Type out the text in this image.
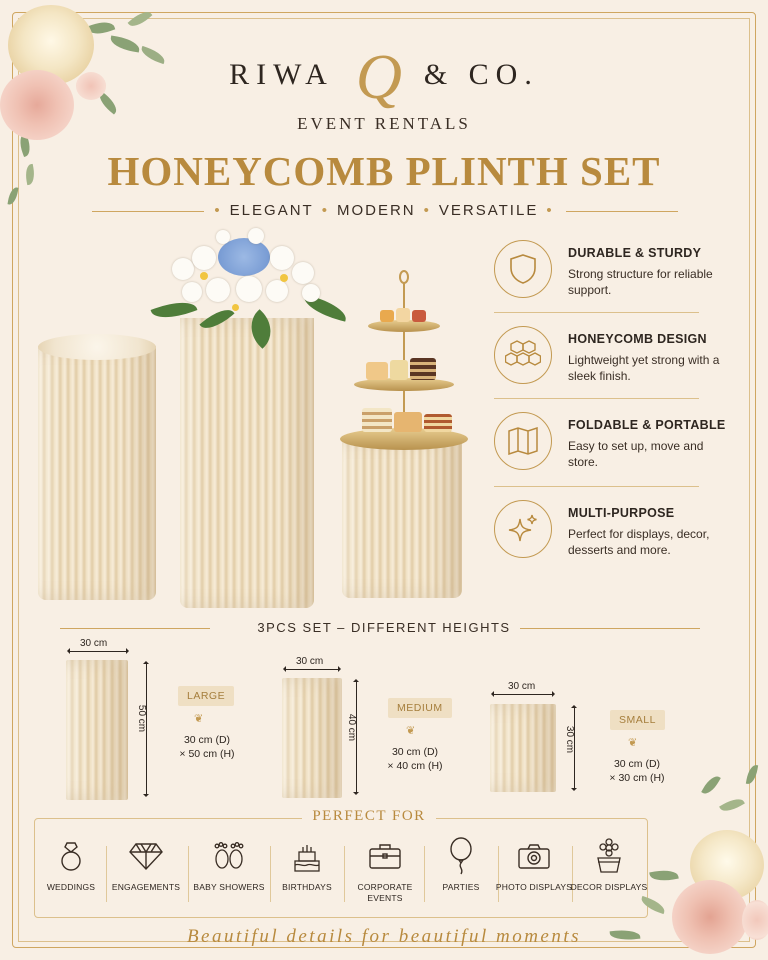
RIWA Q & CO.
EVENT RENTALS
HONEYCOMB PLINTH SET
• ELEGANT • MODERN • VERSATILE •
DURABLE & STURDY
Strong structure for reliable support.
HONEYCOMB DESIGN
Lightweight yet strong with a sleek finish.
FOLDABLE & PORTABLE
Easy to set up, move and store.
MULTI-PURPOSE
Perfect for displays, decor, desserts and more.
3PCS SET – DIFFERENT HEIGHTS
30 cm
50 cm
LARGE
❦
30 cm (D)
× 50 cm (H)
30 cm
40 cm
MEDIUM
❦
30 cm (D)
× 40 cm (H)
30 cm
30 cm
SMALL
❦
30 cm (D)
× 30 cm (H)
PERFECT FOR
WEDDINGS	ENGAGEMENTS	BABY SHOWERS	BIRTHDAYS	CORPORATE EVENTS
PARTIES	PHOTO DISPLAYS
DECOR DISPLAYS
Beautiful details for beautiful moments
